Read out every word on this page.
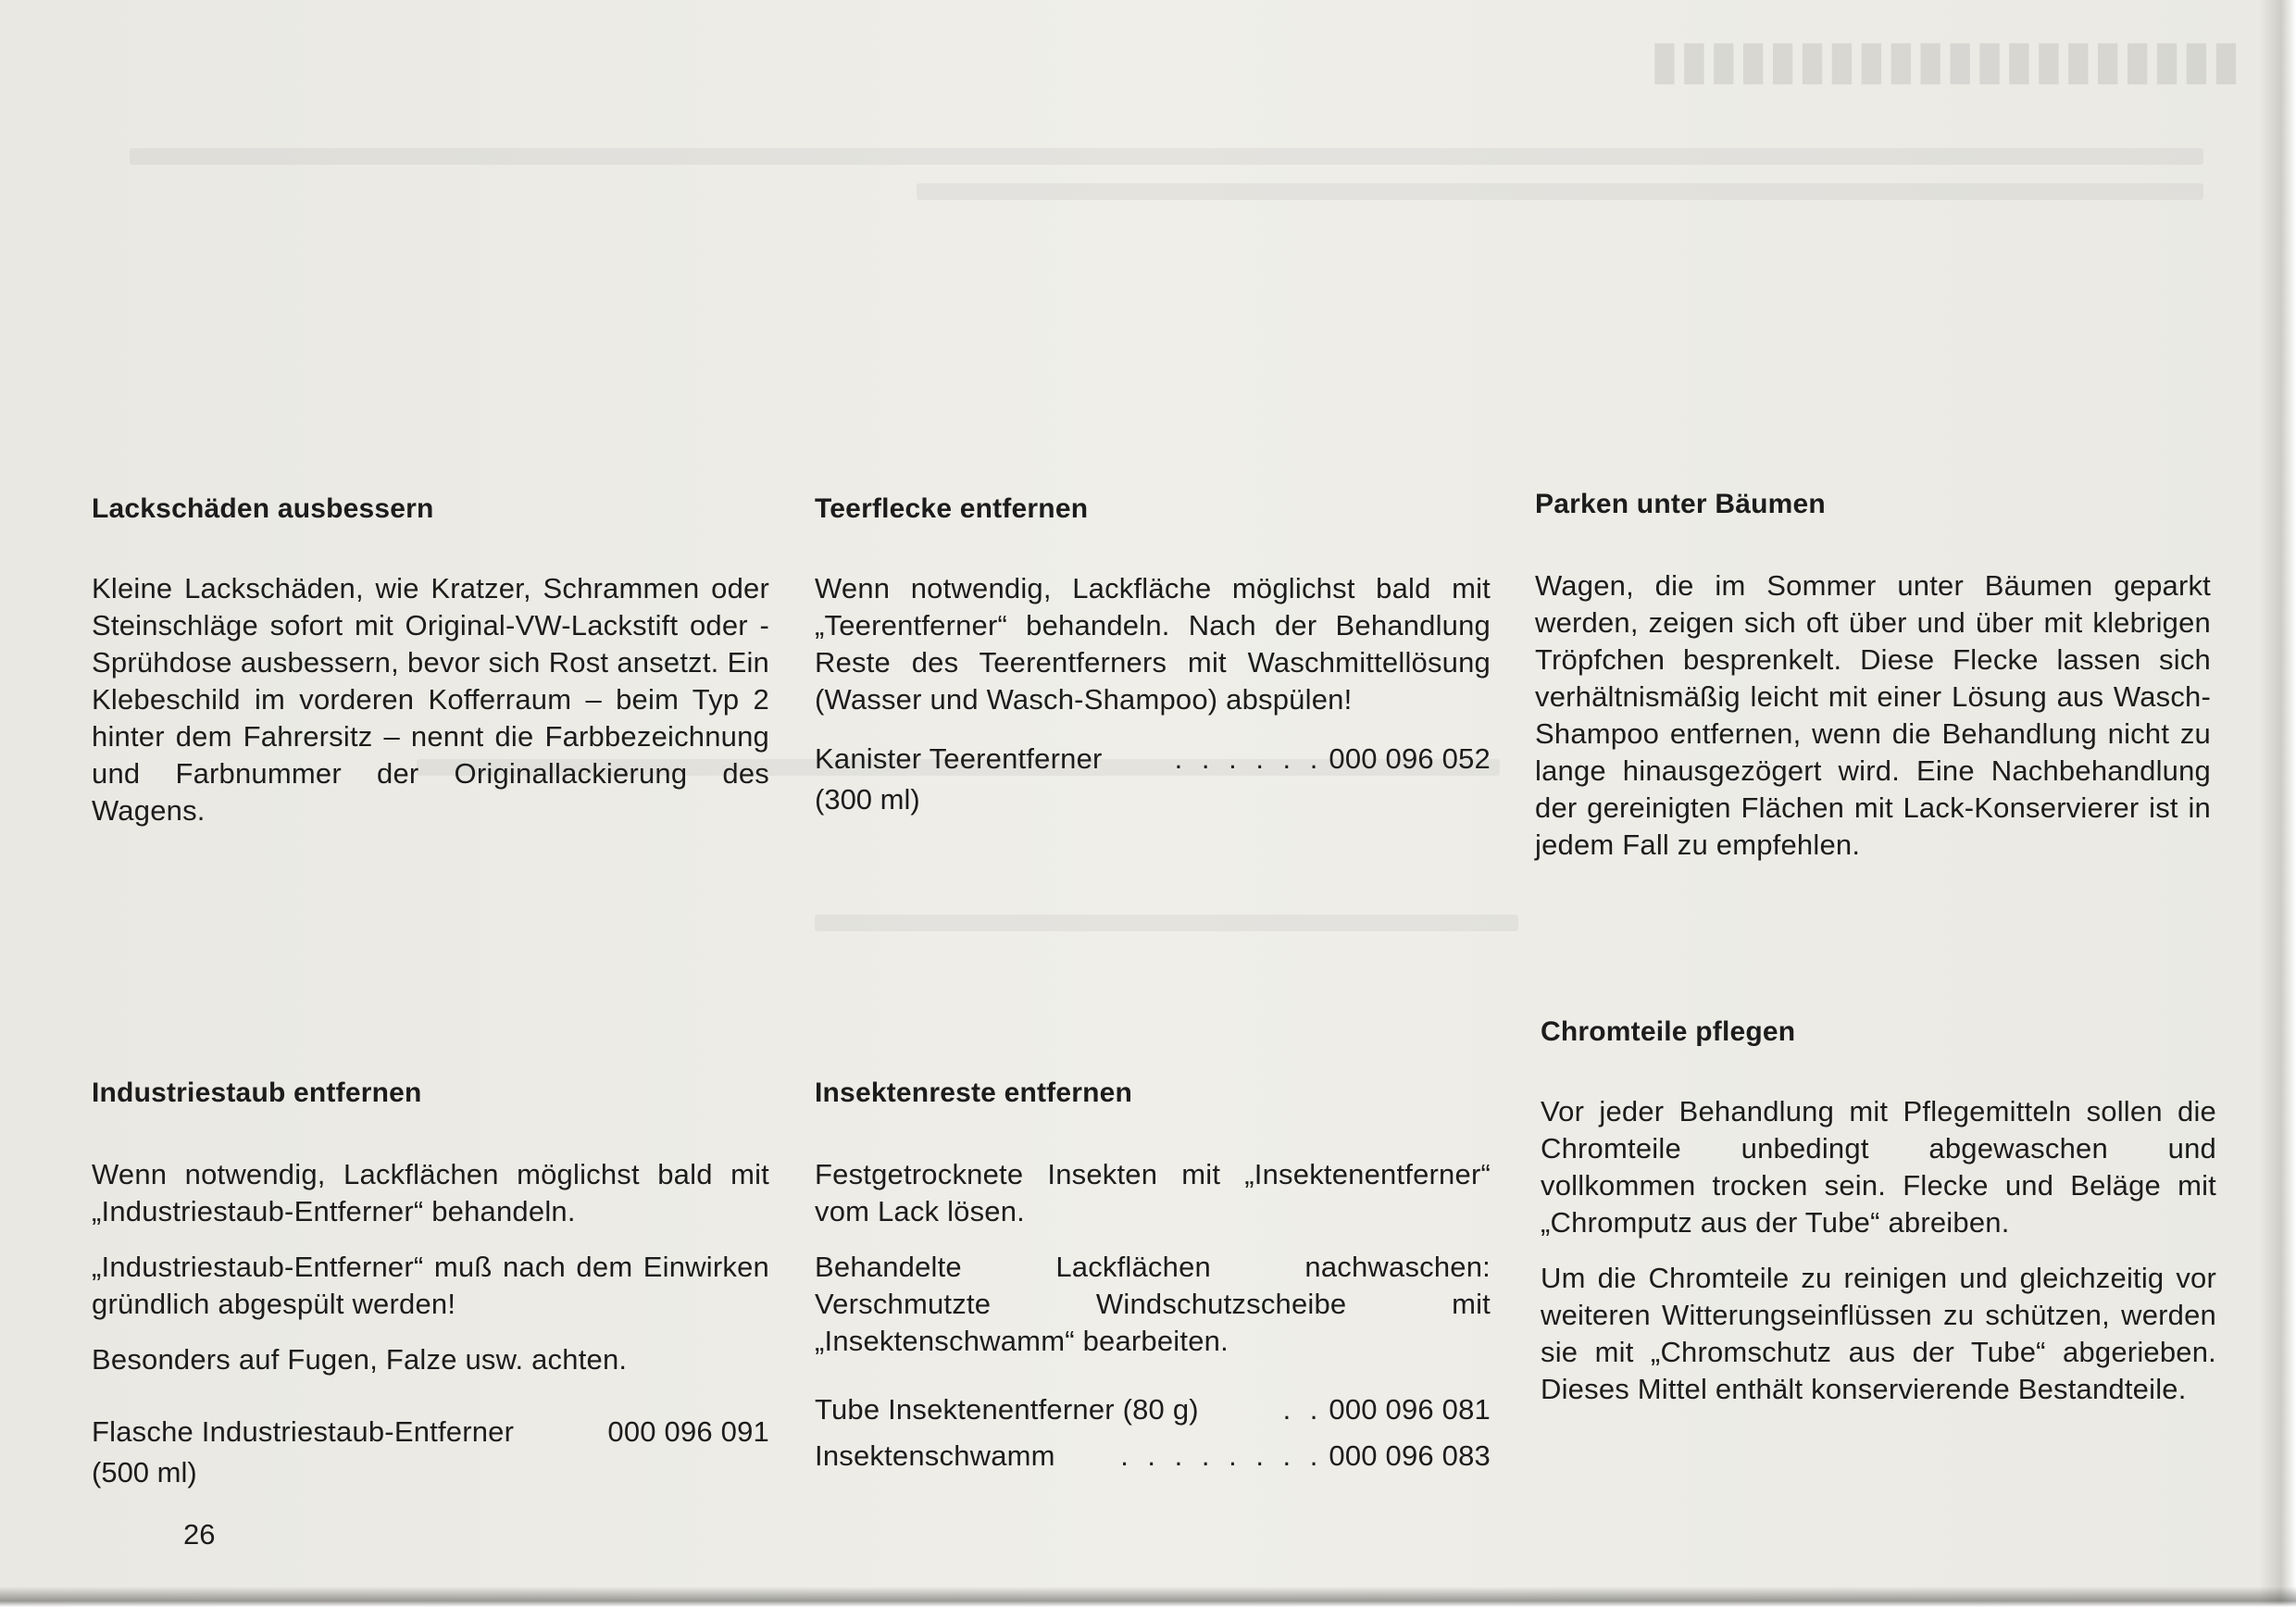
▮▮▮▮▮▮▮▮▮▮▮▮▮▮▮▮▮▮▮▮
Lackschäden ausbessern

Kleine Lackschäden, wie Kratzer, Schrammen oder Steinschläge sofort mit Original-VW-Lackstift oder -Sprühdose ausbessern, bevor sich Rost ansetzt. Ein Klebeschild im vorderen Kofferraum – beim Typ 2 hinter dem Fahrersitz – nennt die Farbbezeichnung und Farbnummer der Originallackierung des Wagens.

Industriestaub entfernen

Wenn notwendig, Lackflächen möglichst bald mit „Industriestaub-Entferner“ behandeln.

„Industriestaub-Entferner“ muß nach dem Einwirken gründlich abgespült werden!

Besonders auf Fugen, Falze usw. achten.

Flasche Industriestaub-Entferner	000 096 091
(500 ml)
26
Teerflecke entfernen

Wenn notwendig, Lackfläche möglichst bald mit „Teerentferner“ behandeln. Nach der Behandlung Reste des Teerentferners mit Waschmittellösung (Wasser und Wasch-Shampoo) abspülen!

Kanister Teerentferner	. . . . . . 000 096 052
(300 ml)
Insektenreste entfernen

Festgetrocknete Insekten mit „Insektenentferner“ vom Lack lösen.

Behandelte Lackflächen nachwaschen: Verschmutzte Windschutzscheibe mit „Insektenschwamm“ bearbeiten.

Tube Insektenentferner (80 g)	. . 000 096 081
Insektenschwamm	. . . . . . . . 000 096 083
Parken unter Bäumen

Wagen, die im Sommer unter Bäumen geparkt werden, zeigen sich oft über und über mit klebrigen Tröpfchen besprenkelt. Diese Flecke lassen sich verhältnismäßig leicht mit einer Lösung aus Wasch-Shampoo entfernen, wenn die Behandlung nicht zu lange hinausgezögert wird. Eine Nachbehandlung der gereinigten Flächen mit Lack-Konservierer ist in jedem Fall zu empfehlen.

Chromteile pflegen

Vor jeder Behandlung mit Pflegemitteln sollen die Chromteile unbedingt abgewaschen und vollkommen trocken sein. Flecke und Beläge mit „Chromputz aus der Tube“ abreiben.

Um die Chromteile zu reinigen und gleichzeitig vor weiteren Witterungseinflüssen zu schützen, werden sie mit „Chromschutz aus der Tube“ abgerieben. Dieses Mittel enthält konservierende Bestandteile.
